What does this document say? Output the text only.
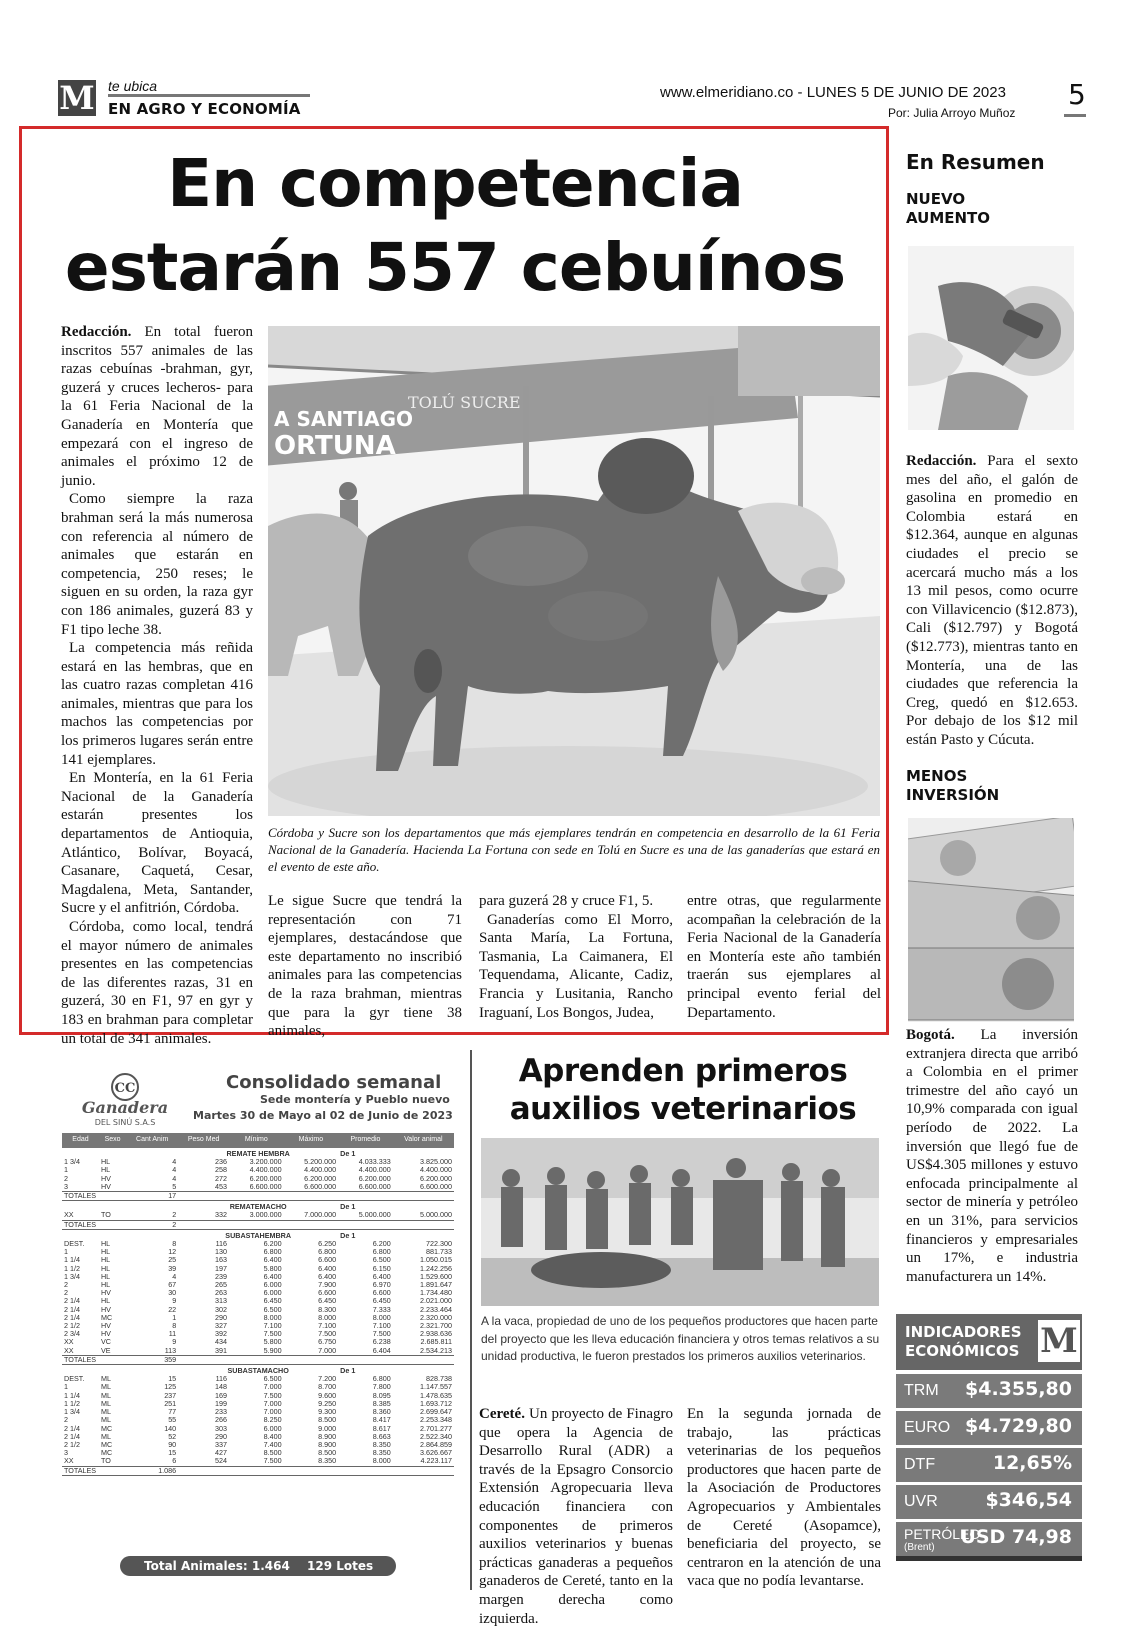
M te ubica
EN AGRO Y ECONOMÍA
www.elmeridiano.co - LUNES 5 DE JUNIO DE 2023
Por: Julia Arroyo Muñoz
5
En competencia
estarán 557 cebuínos

Redacción. En total fueron inscritos 557 animales de las razas cebuínas -brahman, gyr, guzerá y cruces lecheros- para la 61 Feria Nacional de la Ganadería en Montería que empezará con el ingreso de animales el próximo 12 de junio.

Como siempre la raza brahman será la más numerosa con referencia al número de animales que estarán en competencia, 250 reses; le siguen en su orden, la raza gyr con 186 animales, guzerá 83 y F1 tipo leche 38.

La competencia más reñida estará en las hembras, que en las cuatro razas completan 416 animales, mientras que para los machos las competencias por los primeros lugares serán entre 141 ejemplares.

En Montería, en la 61 Feria Nacional de la Ganadería estarán presentes los departamentos de Antioquia, Atlántico, Bolívar, Boyacá, Casanare, Caquetá, Cesar, Magdalena, Meta, Santander, Sucre y el anfitrión, Córdoba.

Córdoba, como local, tendrá el mayor número de animales presentes en las competencias de las diferentes razas, 31 en guzerá, 30 en F1, 97 en gyr y 183 en brahman para completar un total de 341 animales.

A SANTIAGO
ORTUNA
TOLÚ SUCRE
Córdoba y Sucre son los departamentos que más ejemplares tendrán en competencia en desarrollo de la 61 Feria Nacional de la Ganadería. Hacienda La Fortuna con sede en Tolú en Sucre es una de las ganaderías que estará en el evento de este año.

Le sigue Sucre que tendrá la representación con 71 ejemplares, destacándose que este departamento no inscribió animales para las competencias de la raza brahman, mientras que para la gyr tiene 38 animales,

para guzerá 28 y cruce F1, 5.

Ganaderías como El Morro, Santa María, La Fortuna, Tasmania, La Caimanera, El Tequendama, Alicante, Cadiz, Francia y Lusitania, Rancho Iraguaní, Los Bongos, Judea,

entre otras, que regularmente acompañan la celebración de la Feria Nacional de la Ganadería en Montería este año también traerán sus ejemplares al principal evento ferial del Departamento.

En Resumen
NUEVO
AUMENTO
Redacción. Para el sexto mes del año, el galón de gasolina en promedio en Colombia estará en $12.364, aunque en algunas ciudades el precio se acercará mucho más a los 13 mil pesos, como ocurre con Villavicencio ($12.873), Cali ($12.797) y Bogotá ($12.773), mientras tanto en Montería, una de las ciudades que referencia la Creg, quedó en $12.653. Por debajo de los $12 mil están Pasto y Cúcuta.
MENOS
INVERSIÓN
Bogotá. La inversión extranjera directa que arribó a Colombia en el primer trimestre del año cayó un 10,9% comparada con igual período de 2022. La inversión que llegó fue de US$4.305 millones y estuvo enfocada principalmente al sector de minería y petróleo en un 31%, para servicios financieros y empresariales un 17%, e industria manufacturera un 14%.
INDICADORES
ECONÓMICOS M
TRM $4.355,80
EURO $4.729,80
DTF	12,65%
UVR	$346,54
PETRÓLEO
(Brent) USD 74,98
CC
Ganadera
DEL SINÚ S.A.S
Consolidado semanal
Sede montería y Pueblo nuevo
Martes 30 de Mayo al 02 de Junio de 2023
Edad	Sexo	Cant Anim	Peso Med	Mínimo	Máximo	Promedio	Valor animal
			REMATE HEMBRA			De 1	
1 3/4	HL	4	236	3.200.000	5.200.000	4.033.333	3.825.000
1	HL	4	258	4.400.000	4.400.000	4.400.000	4.400.000
2	HV	4	272	6.200.000	6.200.000	6.200.000	6.200.000
3	HV	5	453	6.600.000	6.600.000	6.600.000	6.600.000
TOTALES		17					
			REMATEMACHO			De 1	
XX	TO	2	332	3.000.000	7.000.000	5.000.000	5.000.000
TOTALES		2					
			SUBASTAHEMBRA			De 1	
DEST.	HL	8	116	6.200	6.250	6.200	722.300
1	HL	12	130	6.800	6.800	6.800	881.733
1 1/4	HL	25	163	6.400	6.600	6.500	1.050.015
1 1/2	HL	39	197	5.800	6.400	6.150	1.242.256
1 3/4	HL	4	239	6.400	6.400	6.400	1.529.600
2	HL	67	265	6.000	7.900	6.970	1.891.647
2	HV	30	263	6.000	6.600	6.600	1.734.480
2 1/4	HL	9	313	6.450	6.450	6.450	2.021.000
2 1/4	HV	22	302	6.500	8.300	7.333	2.233.464
2 1/4	MC	1	290	8.000	8.000	8.000	2.320.000
2 1/2	HV	8	327	7.100	7.100	7.100	2.321.700
2 3/4	HV	11	392	7.500	7.500	7.500	2.938.636
XX	VC	9	434	5.800	6.750	6.238	2.685.811
XX	VE	113	391	5.900	7.000	6.404	2.534.213
TOTALES		359					
			SUBASTAMACHO			De 1	
DEST.	ML	15	116	6.500	7.200	6.800	828.738
1	ML	125	148	7.000	8.700	7.800	1.147.557
1 1/4	ML	237	169	7.500	9.600	8.095	1.478.635
1 1/2	ML	251	199	7.000	9.250	8.385	1.693.712
1 3/4	ML	77	233	7.000	9.300	8.360	2.699.647
2	ML	55	266	8.250	8.500	8.417	2.253.348
2 1/4	MC	140	303	6.000	9.000	8.617	2.701.277
2 1/4	ML	52	290	8.400	8.900	8.663	2.522.340
2 1/2	MC	90	337	7.400	8.900	8.350	2.864.859
3	MC	15	427	8.500	8.500	8.350	3.626.667
XX	TO	6	524	7.500	8.350	8.000	4.223.117
TOTALES		1.086					
Total Animales: 1.464 129 Lotes
Aprenden primeros
auxilios veterinarios
A la vaca, propiedad de uno de los pequeños productores que hacen parte del proyecto que les lleva educación financiera y otros temas relativos a su unidad productiva, le fueron prestados los primeros auxilios veterinarios.

Cereté. Un proyecto de Finagro que opera la Agencia de Desarrollo Rural (ADR) a través de la Epsagro Consorcio Extensión Agropecuaria lleva educación financiera con componentes de primeros auxilios veterinarios y buenas prácticas ganaderas a pequeños ganaderos de Cereté, tanto en la margen derecha como izquierda.

En la segunda jornada de trabajo, las prácticas veterinarias de los pequeños productores que hacen parte de la Asociación de Productores Agropecuarios y Ambientales de Cereté (Asopamce), beneficiaria del proyecto, se centraron en la atención de una vaca que no podía levantarse.
